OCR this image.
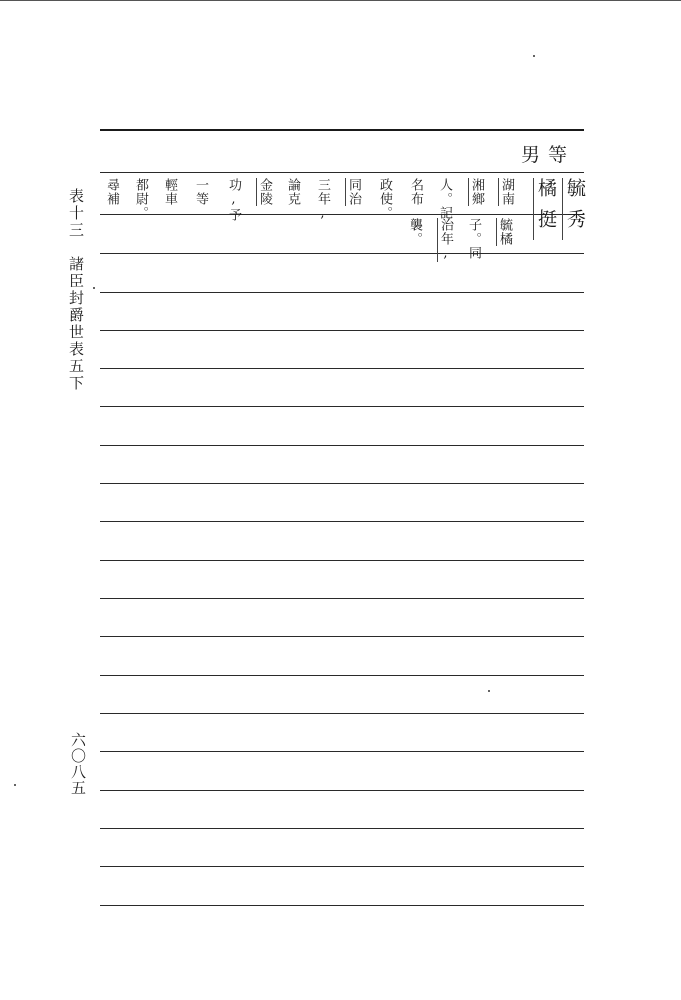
表十三　諸臣封爵世表五下
六〇八五
男等
毓秀
橘挺
湖南
湘鄉
人。記
名布
政使。
同治
三年,
論克
金陵
功,予
一等
輕車
都尉。
尋補
毓橘
子。同
治年,
襲。
